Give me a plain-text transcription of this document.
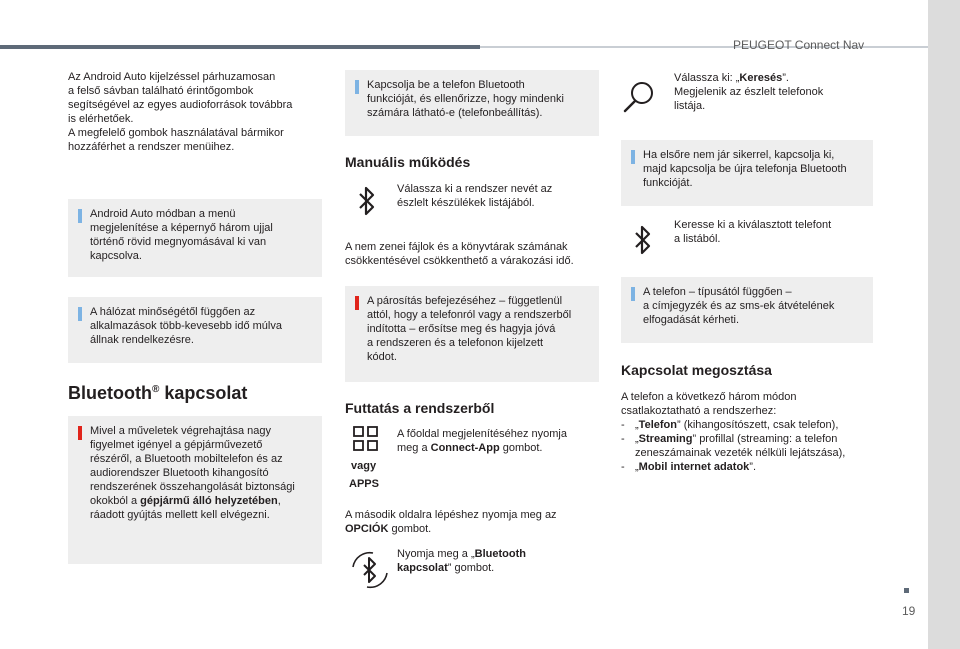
PEUGEOT Connect Nav
Az Android Auto kijelzéssel párhuzamosan
a felső sávban található érintőgombok
segítségével az egyes audioforrások továbbra
is elérhetőek.
A megfelelő gombok használatával bármikor
hozzáférhet a rendszer menüihez.
Android Auto módban a menü
megjelenítése a képernyő három ujjal
történő rövid megnyomásával ki van
kapcsolva.
A hálózat minőségétől függően az
alkalmazások több-kevesebb idő múlva
állnak rendelkezésre.
Bluetooth® kapcsolat
Mivel a műveletek végrehajtása nagy
figyelmet igényel a gépjárművezető
részéről, a Bluetooth mobiltelefon és az
audiorendszer Bluetooth kihangosító
rendszerének összehangolását biztonsági
okokból a gépjármű álló helyzetében,
ráadott gyújtás mellett kell elvégezni.
Kapcsolja be a telefon Bluetooth
funkcióját, és ellenőrizze, hogy mindenki
számára látható-e (telefonbeállítás).
Manuális működés
Válassza ki a rendszer nevét az
észlelt készülékek listájából.
A nem zenei fájlok és a könyvtárak számának
csökkentésével csökkenthető a várakozási idő.
A párosítás befejezéséhez – függetlenül
attól, hogy a telefonról vagy a rendszerből
indította – erősítse meg és hagyja jóvá
a rendszeren és a telefonon kijelzett
kódot.
Futtatás a rendszerből
vagy
APPS
A főoldal megjelenítéséhez nyomja
meg a Connect-App gombot.
A második oldalra lépéshez nyomja meg az
OPCIÓK gombot.
Nyomja meg a „Bluetooth
kapcsolat” gombot.
Válassza ki: „Keresés”.
Megjelenik az észlelt telefonok
listája.
Ha elsőre nem jár sikerrel, kapcsolja ki,
majd kapcsolja be újra telefonja Bluetooth
funkcióját.
Keresse ki a kiválasztott telefont
a listából.
A telefon – típusától függően –
a címjegyzék és az sms-ek átvételének
elfogadását kérheti.
Kapcsolat megosztása
A telefon a következő három módon
csatlakoztatható a rendszerhez:
- „Telefon” (kihangosítószett, csak telefon),
- „Streaming” profillal (streaming: a telefon
zeneszámainak vezeték nélküli lejátszása),
- „Mobil internet adatok”.
19
